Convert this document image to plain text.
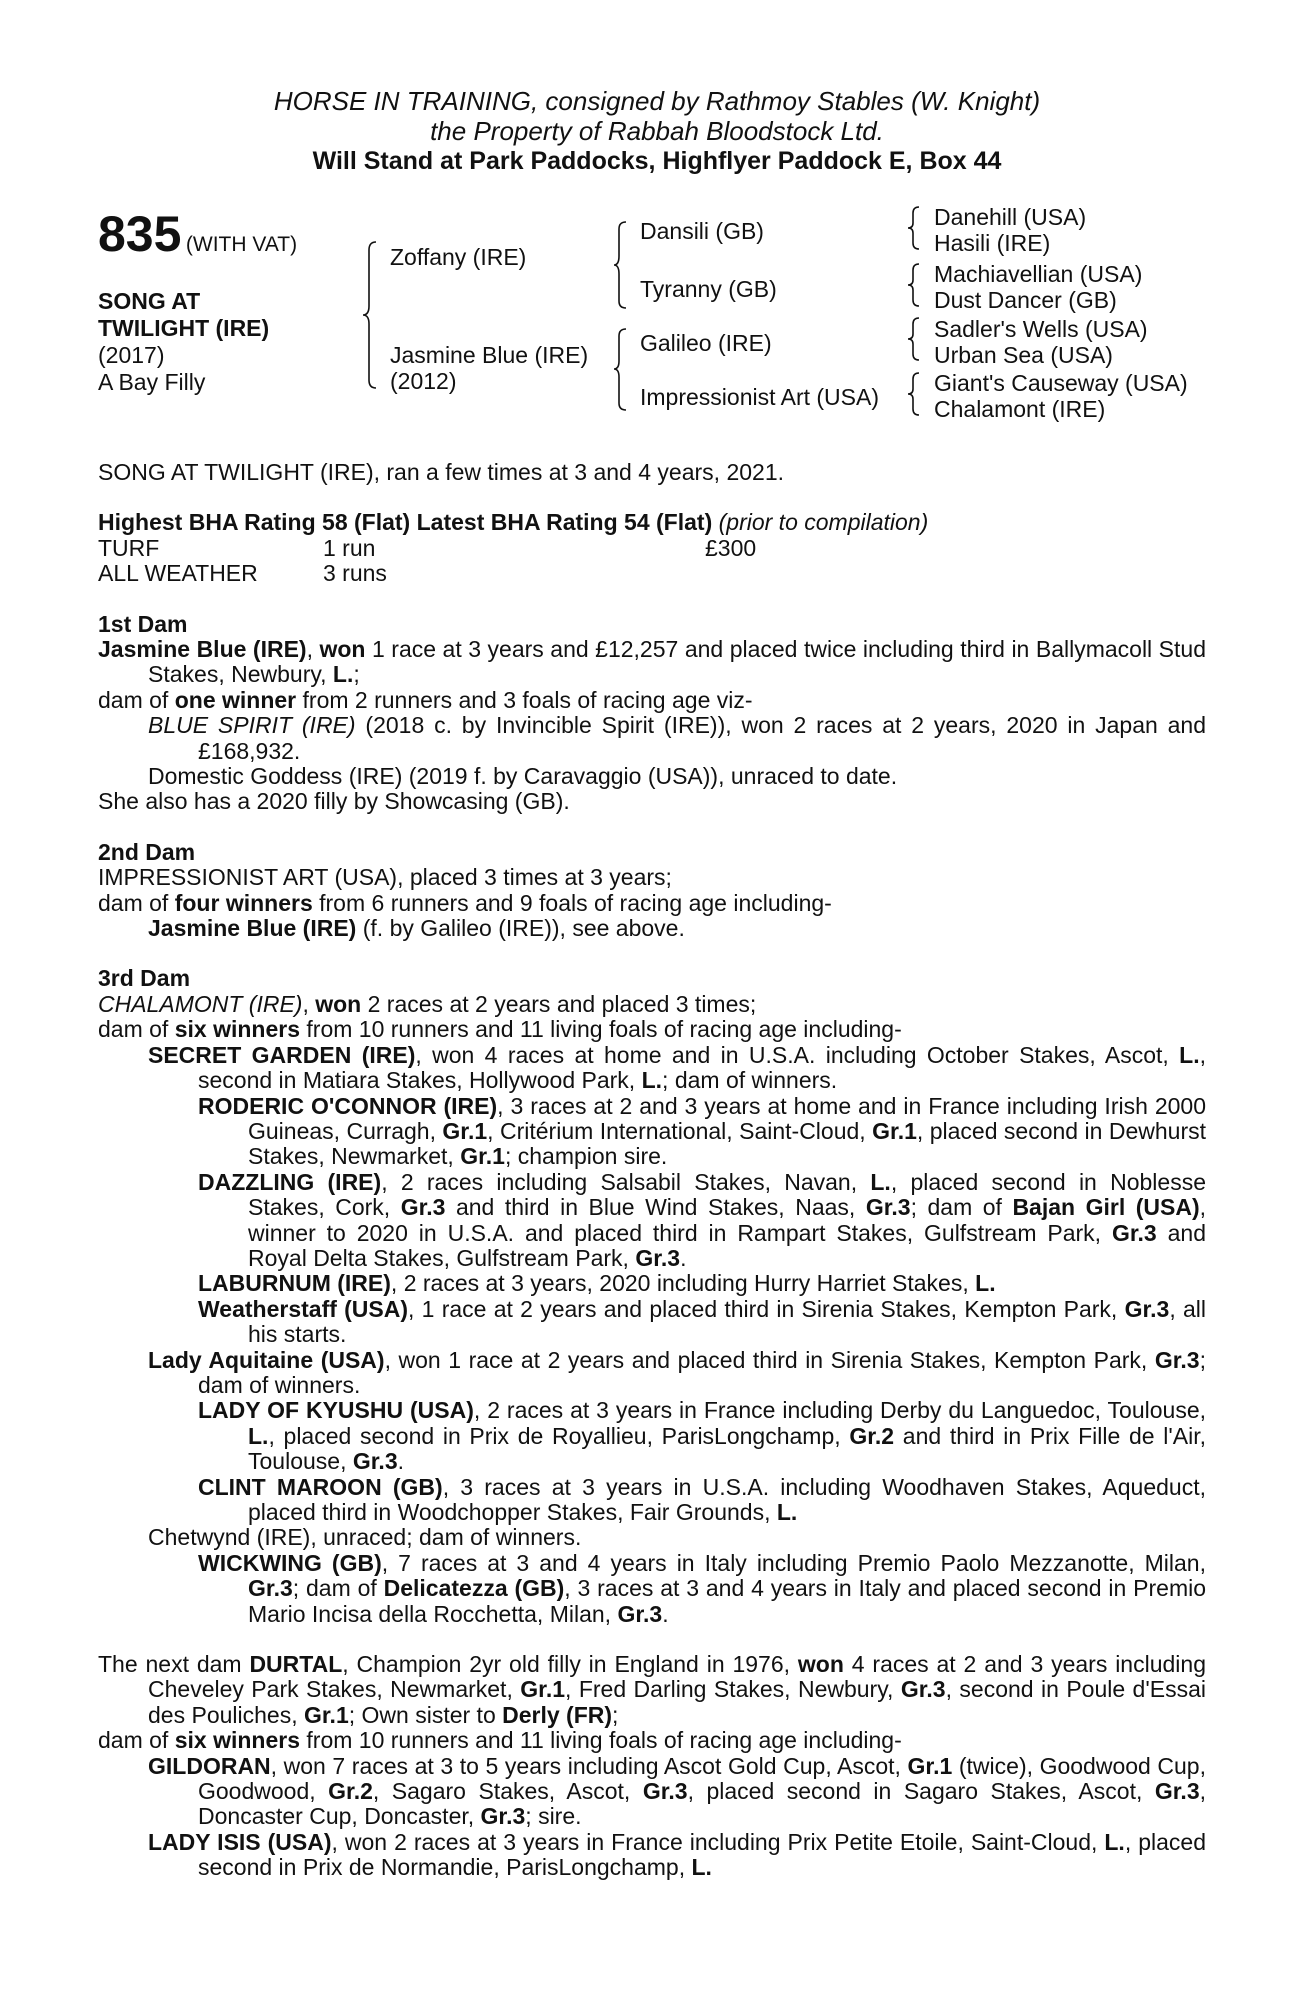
HORSE IN TRAINING, consigned by Rathmoy Stables (W. Knight)
the Property of Rabbah Bloodstock Ltd.
Will Stand at Park Paddocks, Highflyer Paddock E, Box 44
835 (WITH VAT)
SONG AT
TWILIGHT (IRE)
(2017)
A Bay Filly
Zoffany (IRE)
Jasmine Blue (IRE)
(2012)
Dansili (GB)
Tyranny (GB)
Galileo (IRE)
Impressionist Art (USA)
Danehill (USA)
Hasili (IRE)
Machiavellian (USA)
Dust Dancer (GB)
Sadler's Wells (USA)
Urban Sea (USA)
Giant's Causeway (USA)
Chalamont (IRE)

SONG AT TWILIGHT (IRE), ran a few times at 3 and 4 years, 2021.

Highest BHA Rating 58 (Flat) Latest BHA Rating 54 (Flat) (prior to compilation)

TURF	1 run	£300
ALL WEATHER	3 runs

1st Dam

Jasmine Blue (IRE), won 1 race at 3 years and £12,257 and placed twice including third in Ballymacoll Stud Stakes, Newbury, L.;

dam of one winner from 2 runners and 3 foals of racing age viz-

BLUE SPIRIT (IRE) (2018 c. by Invincible Spirit (IRE)), won 2 races at 2 years, 2020 in Japan and £168,932.

Domestic Goddess (IRE) (2019 f. by Caravaggio (USA)), unraced to date.

She also has a 2020 filly by Showcasing (GB).

2nd Dam

IMPRESSIONIST ART (USA), placed 3 times at 3 years;

dam of four winners from 6 runners and 9 foals of racing age including-

Jasmine Blue (IRE) (f. by Galileo (IRE)), see above.

3rd Dam

CHALAMONT (IRE), won 2 races at 2 years and placed 3 times;

dam of six winners from 10 runners and 11 living foals of racing age including-

SECRET GARDEN (IRE), won 4 races at home and in U.S.A. including October Stakes, Ascot, L., second in Matiara Stakes, Hollywood Park, L.; dam of winners.

RODERIC O'CONNOR (IRE), 3 races at 2 and 3 years at home and in France including Irish 2000 Guineas, Curragh, Gr.1, Critérium International, Saint-Cloud, Gr.1, placed second in Dewhurst Stakes, Newmarket, Gr.1; champion sire.

DAZZLING (IRE), 2 races including Salsabil Stakes, Navan, L., placed second in Noblesse Stakes, Cork, Gr.3 and third in Blue Wind Stakes, Naas, Gr.3; dam of Bajan Girl (USA), winner to 2020 in U.S.A. and placed third in Rampart Stakes, Gulfstream Park, Gr.3 and Royal Delta Stakes, Gulfstream Park, Gr.3.

LABURNUM (IRE), 2 races at 3 years, 2020 including Hurry Harriet Stakes, L.

Weatherstaff (USA), 1 race at 2 years and placed third in Sirenia Stakes, Kempton Park, Gr.3, all his starts.

Lady Aquitaine (USA), won 1 race at 2 years and placed third in Sirenia Stakes, Kempton Park, Gr.3; dam of winners.

LADY OF KYUSHU (USA), 2 races at 3 years in France including Derby du Languedoc, Toulouse, L., placed second in Prix de Royallieu, ParisLongchamp, Gr.2 and third in Prix Fille de l'Air, Toulouse, Gr.3.

CLINT MAROON (GB), 3 races at 3 years in U.S.A. including Woodhaven Stakes, Aqueduct, placed third in Woodchopper Stakes, Fair Grounds, L.

Chetwynd (IRE), unraced; dam of winners.

WICKWING (GB), 7 races at 3 and 4 years in Italy including Premio Paolo Mezzanotte, Milan, Gr.3; dam of Delicatezza (GB), 3 races at 3 and 4 years in Italy and placed second in Premio Mario Incisa della Rocchetta, Milan, Gr.3.

The next dam DURTAL, Champion 2yr old filly in England in 1976, won 4 races at 2 and 3 years including Cheveley Park Stakes, Newmarket, Gr.1, Fred Darling Stakes, Newbury, Gr.3, second in Poule d'Essai des Pouliches, Gr.1; Own sister to Derly (FR);

dam of six winners from 10 runners and 11 living foals of racing age including-

GILDORAN, won 7 races at 3 to 5 years including Ascot Gold Cup, Ascot, Gr.1 (twice), Goodwood Cup, Goodwood, Gr.2, Sagaro Stakes, Ascot, Gr.3, placed second in Sagaro Stakes, Ascot, Gr.3, Doncaster Cup, Doncaster, Gr.3; sire.

LADY ISIS (USA), won 2 races at 3 years in France including Prix Petite Etoile, Saint-Cloud, L., placed second in Prix de Normandie, ParisLongchamp, L.
